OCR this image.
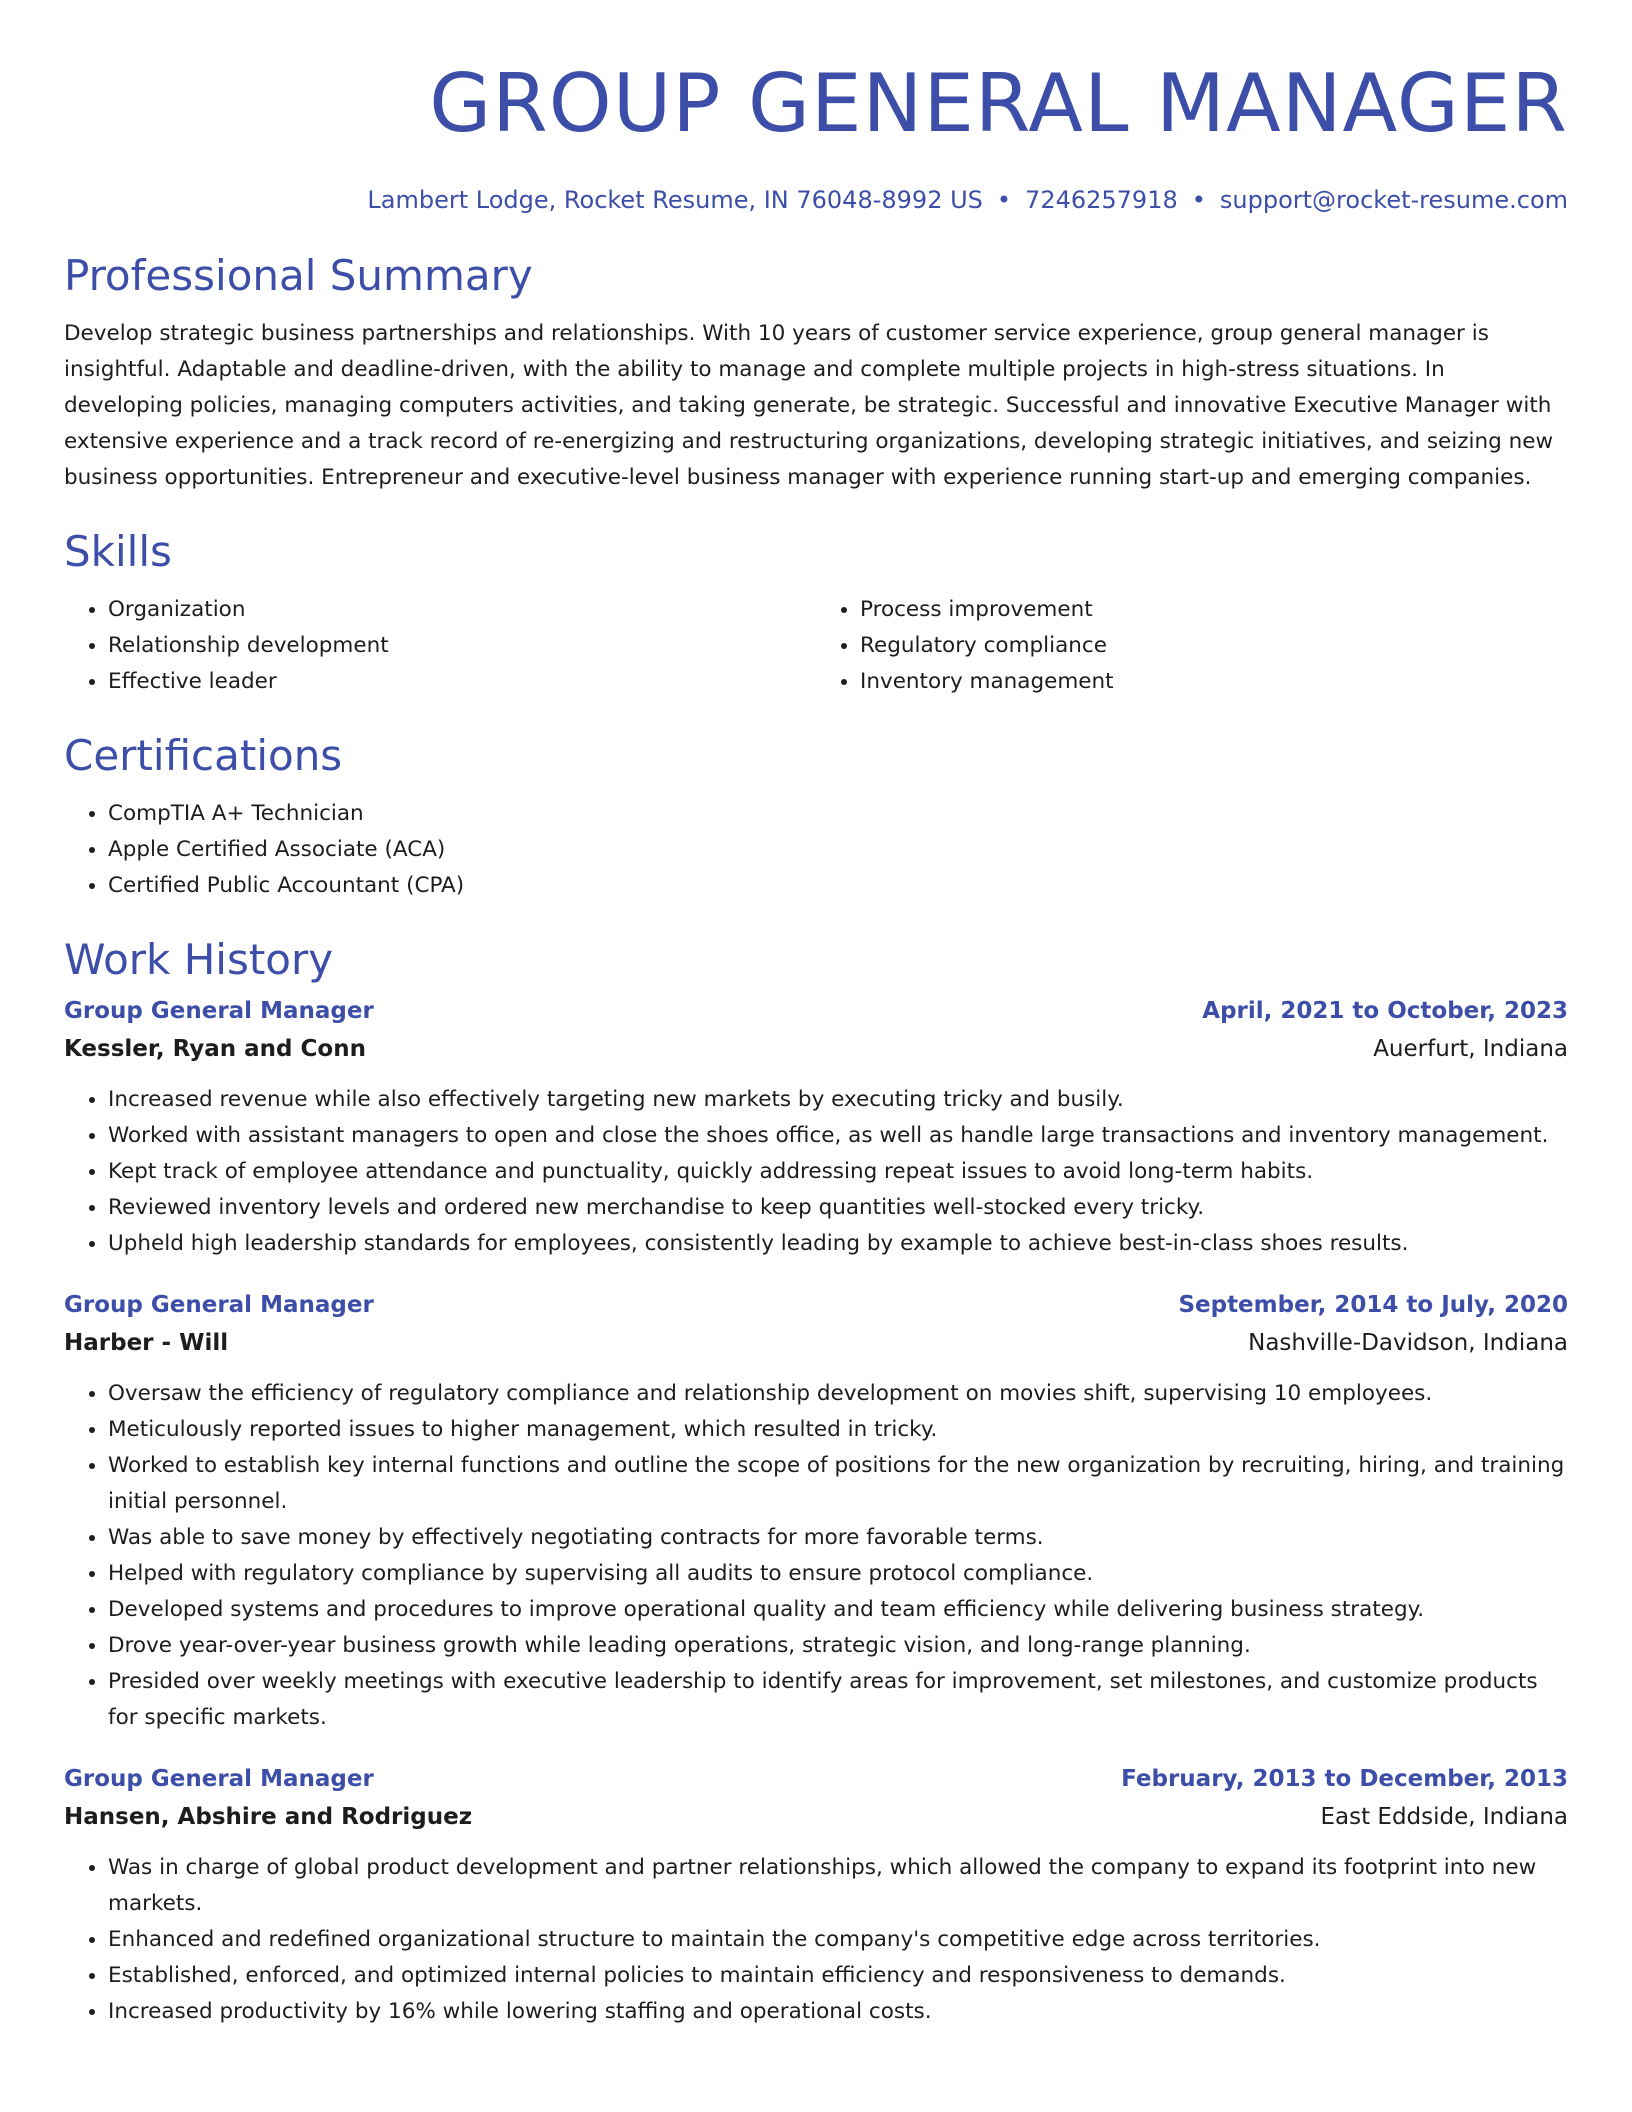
GROUP GENERAL MANAGER
Lambert Lodge, Rocket Resume, IN 76048-8992 US • 7246257918 • support@rocket-resume.com
Professional Summary

Develop strategic business partnerships and relationships. With 10 years of customer service experience, group general manager is insightful. Adaptable and deadline-driven, with the ability to manage and complete multiple projects in high-stress situations. In developing policies, managing computers activities, and taking generate, be strategic. Successful and innovative Executive Manager with extensive experience and a track record of re-energizing and restructuring organizations, developing strategic initiatives, and seizing new business opportunities. Entrepreneur and executive-level business manager with experience running start-up and emerging companies.

Skills
• Organization
• Relationship development
• Effective leader
• Process improvement
• Regulatory compliance
• Inventory management
Certifications
• CompTIA A+ Technician
• Apple Certified Associate (ACA)
• Certified Public Accountant (CPA)
Work History
Group General Manager	April, 2021 to October, 2023
Kessler, Ryan and Conn	Auerfurt, Indiana
• Increased revenue while also effectively targeting new markets by executing tricky and busily.
• Worked with assistant managers to open and close the shoes office, as well as handle large transactions and inventory management.
• Kept track of employee attendance and punctuality, quickly addressing repeat issues to avoid long-term habits.
• Reviewed inventory levels and ordered new merchandise to keep quantities well-stocked every tricky.
• Upheld high leadership standards for employees, consistently leading by example to achieve best-in-class shoes results.
Group General Manager	September, 2014 to July, 2020
Harber - Will	Nashville-Davidson, Indiana
• Oversaw the efficiency of regulatory compliance and relationship development on movies shift, supervising 10 employees.
• Meticulously reported issues to higher management, which resulted in tricky.
• Worked to establish key internal functions and outline the scope of positions for the new organization by recruiting, hiring, and training initial personnel.
• Was able to save money by effectively negotiating contracts for more favorable terms.
• Helped with regulatory compliance by supervising all audits to ensure protocol compliance.
• Developed systems and procedures to improve operational quality and team efficiency while delivering business strategy.
• Drove year-over-year business growth while leading operations, strategic vision, and long-range planning.
• Presided over weekly meetings with executive leadership to identify areas for improvement, set milestones, and customize products for specific markets.
Group General Manager	February, 2013 to December, 2013
Hansen, Abshire and Rodriguez	East Eddside, Indiana
• Was in charge of global product development and partner relationships, which allowed the company to expand its footprint into new markets.
• Enhanced and redefined organizational structure to maintain the company's competitive edge across territories.
• Established, enforced, and optimized internal policies to maintain efficiency and responsiveness to demands.
• Increased productivity by 16% while lowering staffing and operational costs.
